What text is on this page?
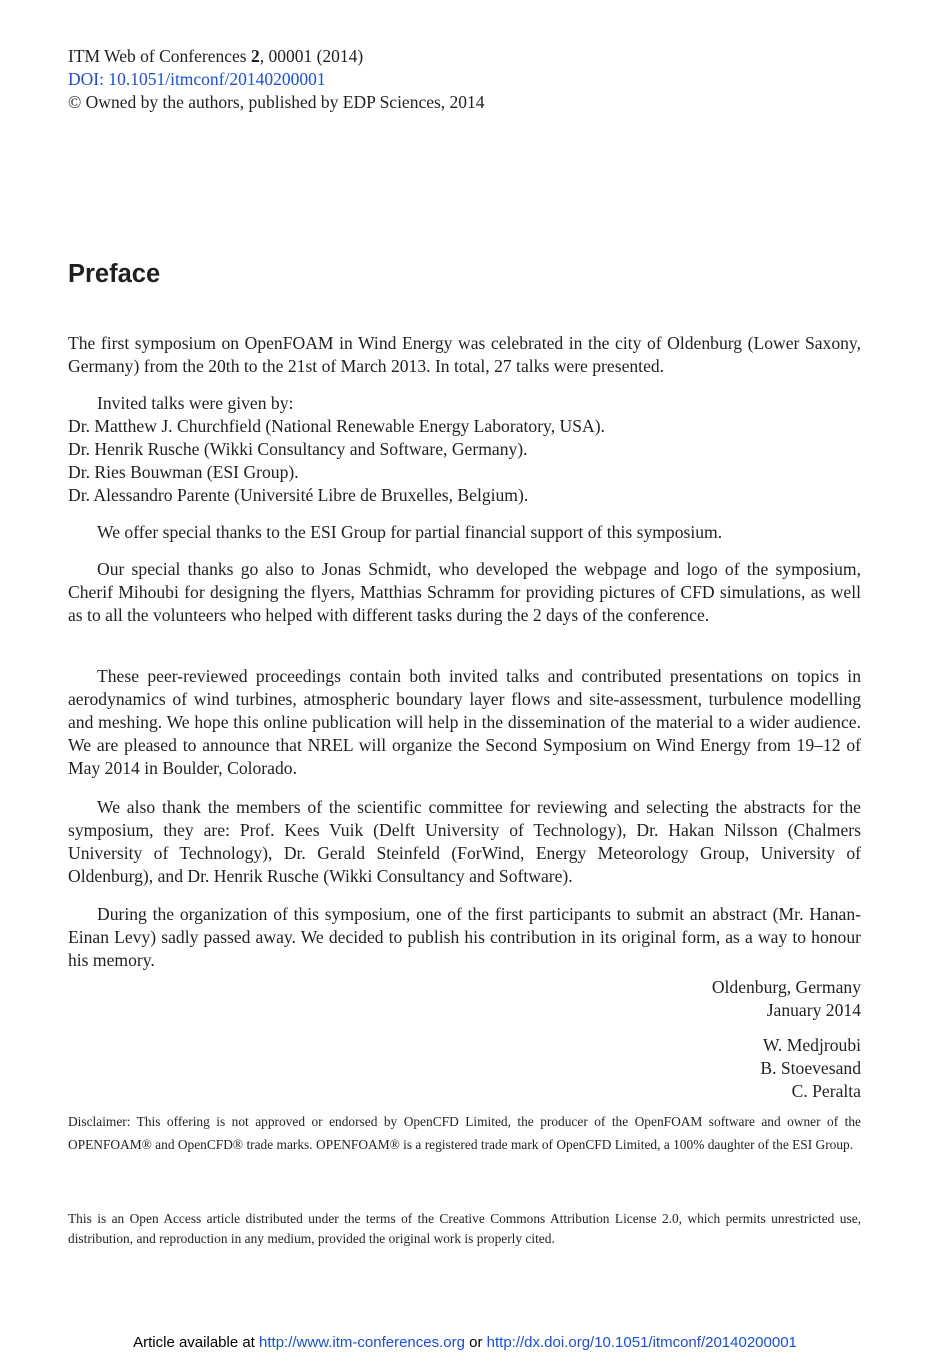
ITM Web of Conferences 2, 00001 (2014)
DOI: 10.1051/itmconf/20140200001
© Owned by the authors, published by EDP Sciences, 2014
Preface
The first symposium on OpenFOAM in Wind Energy was celebrated in the city of Oldenburg (Lower Saxony, Germany) from the 20th to the 21st of March 2013. In total, 27 talks were presented.
Invited talks were given by:
Dr. Matthew J. Churchfield (National Renewable Energy Laboratory, USA).
Dr. Henrik Rusche (Wikki Consultancy and Software, Germany).
Dr. Ries Bouwman (ESI Group).
Dr. Alessandro Parente (Université Libre de Bruxelles, Belgium).
We offer special thanks to the ESI Group for partial financial support of this symposium.
Our special thanks go also to Jonas Schmidt, who developed the webpage and logo of the symposium, Cherif Mihoubi for designing the flyers, Matthias Schramm for providing pictures of CFD simulations, as well as to all the volunteers who helped with different tasks during the 2 days of the conference.
These peer-reviewed proceedings contain both invited talks and contributed presentations on topics in aerodynamics of wind turbines, atmospheric boundary layer flows and site-assessment, turbulence modelling and meshing. We hope this online publication will help in the dissemination of the material to a wider audience. We are pleased to announce that NREL will organize the Second Symposium on Wind Energy from 19–12 of May 2014 in Boulder, Colorado.
We also thank the members of the scientific committee for reviewing and selecting the abstracts for the symposium, they are: Prof. Kees Vuik (Delft University of Technology), Dr. Hakan Nilsson (Chalmers University of Technology), Dr. Gerald Steinfeld (ForWind, Energy Meteorology Group, University of Oldenburg), and Dr. Henrik Rusche (Wikki Consultancy and Software).
During the organization of this symposium, one of the first participants to submit an abstract (Mr. Hanan-Einan Levy) sadly passed away. We decided to publish his contribution in its original form, as a way to honour his memory.
Oldenburg, Germany
January 2014
W. Medjroubi
B. Stoevesand
C. Peralta
Disclaimer: This offering is not approved or endorsed by OpenCFD Limited, the producer of the OpenFOAM software and owner of the OPENFOAM® and OpenCFD® trade marks. OPENFOAM® is a registered trade mark of OpenCFD Limited, a 100% daughter of the ESI Group.
This is an Open Access article distributed under the terms of the Creative Commons Attribution License 2.0, which permits unrestricted use, distribution, and reproduction in any medium, provided the original work is properly cited.
Article available at http://www.itm-conferences.org or http://dx.doi.org/10.1051/itmconf/20140200001
